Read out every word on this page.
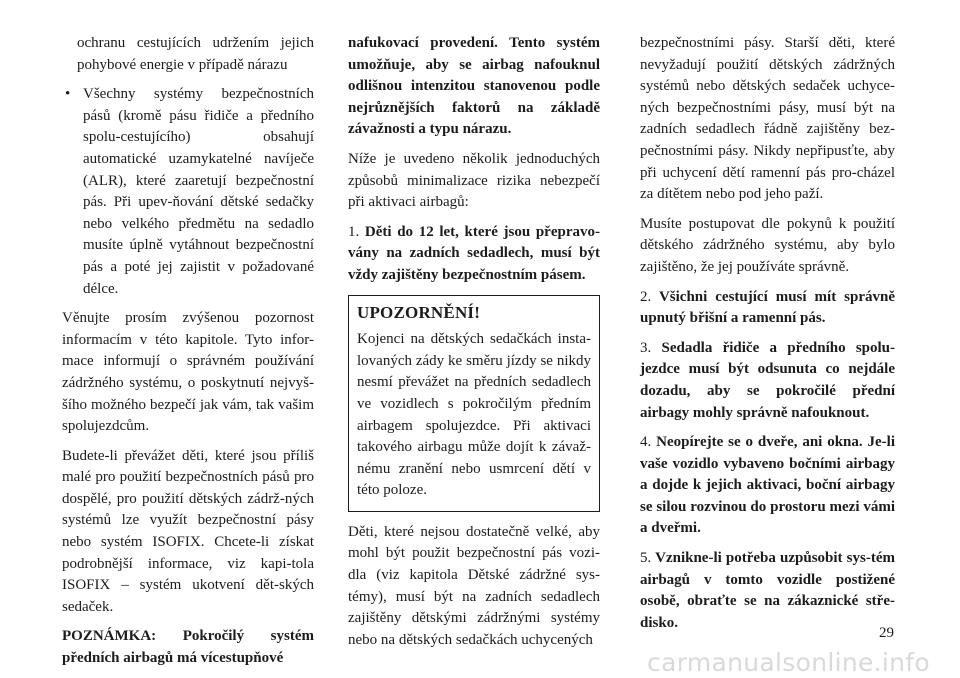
ochranu cestujících udržením jejich pohybové energie v případě nárazu

• Všechny systémy bezpečnostních pásů (kromě pásu řidiče a předního spolu-cestujícího) obsahují automatické uzamykatelné navíječe (ALR), které zaaretují bezpečnostní pás. Při upev-ňování dětské sedačky nebo velkého předmětu na sedadlo musíte úplně vytáhnout bezpečnostní pás a poté jej zajistit v požadované délce.

Věnujte prosím zvýšenou pozornost informacím v této kapitole. Tyto infor-mace informují o správném používání zádržného systému, o poskytnutí nejvyš-šího možného bezpečí jak vám, tak vašim spolujezdcům.

Budete-li převážet děti, které jsou příliš malé pro použití bezpečnostních pásů pro dospělé, pro použití dětských zádrž-ných systémů lze využít bezpečnostní pásy nebo systém ISOFIX. Chcete-li získat podrobnější informace, viz kapi-tola ISOFIX – systém ukotvení dět-ských sedaček.

POZNÁMKA: Pokročilý systém předních airbagů má vícestupňové

nafukovací provedení. Tento systém umožňuje, aby se airbag nafouknul odlišnou intenzitou stanovenou podle nejrůznějších faktorů na základě závažnosti a typu nárazu.

Níže je uvedeno několik jednoduchých způsobů minimalizace rizika nebezpečí při aktivaci airbagů:

1. Děti do 12 let, které jsou přepravo-vány na zadních sedadlech, musí být vždy zajištěny bezpečnostním pásem.

UPOZORNĚNÍ!
Kojenci na dětských sedačkách insta-lovaných zády ke směru jízdy se nikdy nesmí převážet na předních sedadlech ve vozidlech s pokročilým předním airbagem spolujezdce. Při aktivaci takového airbagu může dojít k závaž-nému zranění nebo usmrcení dětí v této poloze.

Děti, které nejsou dostatečně velké, aby mohl být použit bezpečnostní pás vozi-dla (viz kapitola Dětské zádržné sys-témy), musí být na zadních sedadlech zajištěny dětskými zádržnými systémy nebo na dětských sedačkách uchycených

bezpečnostními pásy. Starší děti, které nevyžadují použití dětských zádržných systémů nebo dětských sedaček uchyce-ných bezpečnostními pásy, musí být na zadních sedadlech řádně zajištěny bez-pečnostními pásy. Nikdy nepřipusťte, aby při uchycení dětí ramenní pás pro-cházel za dítětem nebo pod jeho paží.

Musíte postupovat dle pokynů k použití dětského zádržného systému, aby bylo zajištěno, že jej používáte správně.

2. Všichni cestující musí mít správně upnutý břišní a ramenní pás.

3. Sedadla řidiče a předního spolu-jezdce musí být odsunuta co nejdále dozadu, aby se pokročilé přední airbagy mohly správně nafouknout.

4. Neopírejte se o dveře, ani okna. Je-li vaše vozidlo vybaveno bočními airbagy a dojde k jejich aktivaci, boční airbagy se silou rozvinou do prostoru mezi vámi a dveřmi.

5. Vznikne-li potřeba uzpůsobit sys-tém airbagů v tomto vozidle postižené osobě, obraťte se na zákaznické stře-disko.

29
carmanualsonline.info
